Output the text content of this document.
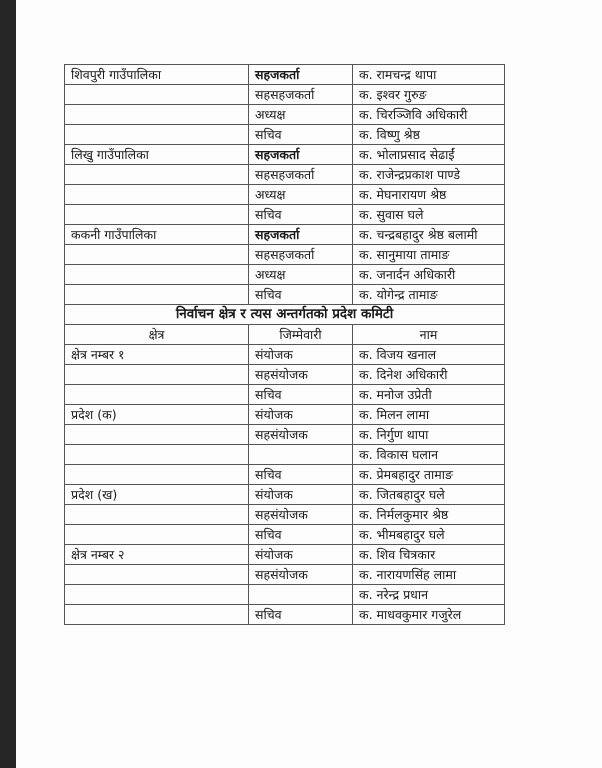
शिवपुरी गाउँपालिका	सहजकर्ता	क. रामचन्द्र थापा
	सहसहजकर्ता	क. इश्वर गुरुङ
	अध्यक्ष	क. चिरञ्जिवि अधिकारी
	सचिव	क. विष्णु श्रेष्ठ
लिखु गाउँपालिका	सहजकर्ता	क. भोलाप्रसाद सेढाईं
	सहसहजकर्ता	क. राजेन्द्रप्रकाश पाण्डे
	अध्यक्ष	क. मेघनारायण श्रेष्ठ
	सचिव	क. सुवास घले
ककनी गाउँपालिका	सहजकर्ता	क. चन्द्रबहादुर श्रेष्ठ बलामी
	सहसहजकर्ता	क. सानुमाया तामाङ
	अध्यक्ष	क. जनार्दन अधिकारी
	सचिव	क. योगेन्द्र तामाङ
निर्वाचन क्षेत्र र त्यस अन्तर्गतको प्रदेश कमिटी		
क्षेत्र	जिम्मेवारी	नाम
क्षेत्र नम्बर १	संयोजक	क. विजय खनाल
	सहसंयोजक	क. दिनेश अधिकारी
	सचिव	क. मनोज उप्रेती
प्रदेश (क)	संयोजक	क. मिलन लामा
	सहसंयोजक	क. निर्गुण थापा
		क. विकास घलान
	सचिव	क. प्रेमबहादुर तामाङ
प्रदेश (ख)	संयोजक	क. जितबहादुर घले
	सहसंयोजक	क. निर्मलकुमार श्रेष्ठ
	सचिव	क. भीमबहादुर घले
क्षेत्र नम्बर २	संयोजक	क. शिव चित्रकार
	सहसंयोजक	क. नारायणसिंह लामा
		क. नरेन्द्र प्रधान
	सचिव	क. माधवकुमार गजुरेल
